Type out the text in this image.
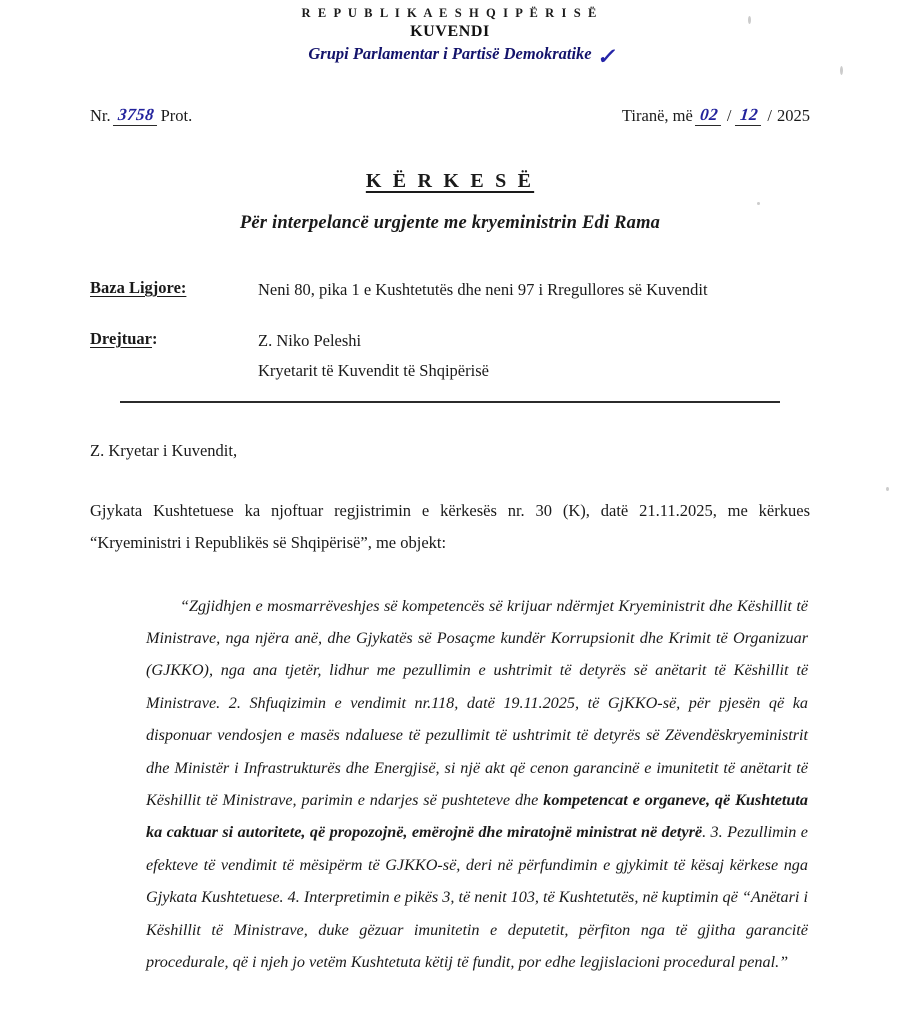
R E P U B L I K A E S H Q I P Ë R I S Ë
KUVENDI
Grupi Parlamentar i Partisë Demokratike ✓
Nr. 3758 Prot.	Tiranë, më 02 / 12 / 2025
K Ë R K E S Ë
Për interpelancë urgjente me kryeministrin Edi Rama
Baza Ligjore:	Neni 80, pika 1 e Kushtetutës dhe neni 97 i Rregullores së Kuvendit
Drejtuar:	Z. Niko Peleshi
Kryetarit të Kuvendit të Shqipërisë
Z. Kryetar i Kuvendit,
Gjykata Kushtetuese ka njoftuar regjistrimin e kërkesës nr. 30 (K), datë 21.11.2025, me kërkues “Kryeministri i Republikës së Shqipërisë”, me objekt:
“Zgjidhjen e mosmarrëveshjes së kompetencës së krijuar ndërmjet Kryeministrit dhe Këshillit të Ministrave, nga njëra anë, dhe Gjykatës së Posaçme kundër Korrupsionit dhe Krimit të Organizuar (GJKKO), nga ana tjetër, lidhur me pezullimin e ushtrimit të detyrës së anëtarit të Këshillit të Ministrave. 2. Shfuqizimin e vendimit nr.118, datë 19.11.2025, të GjKKO-së, për pjesën që ka disponuar vendosjen e masës ndaluese të pezullimit të ushtrimit të detyrës së Zëvendëskryeministrit dhe Ministër i Infrastrukturës dhe Energjisë, si një akt që cenon garancinë e imunitetit të anëtarit të Këshillit të Ministrave, parimin e ndarjes së pushteteve dhe kompetencat e organeve, që Kushtetuta ka caktuar si autoritete, që propozojnë, emërojnë dhe miratojnë ministrat në detyrë. 3. Pezullimin e efekteve të vendimit të mësipërm të GJKKO-së, deri në përfundimin e gjykimit të kësaj kërkese nga Gjykata Kushtetuese. 4. Interpretimin e pikës 3, të nenit 103, të Kushtetutës, në kuptimin që “Anëtari i Këshillit të Ministrave, duke gëzuar imunitetin e deputetit, përfiton nga të gjitha garancitë procedurale, që i njeh jo vetëm Kushtetuta këtij të fundit, por edhe legjislacioni procedural penal.”
